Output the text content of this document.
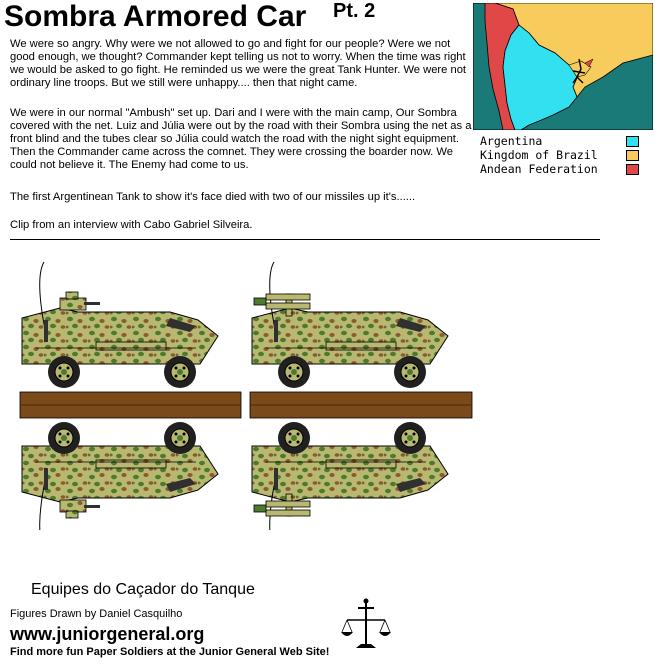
Sombra Armored Car Pt. 2
We were so angry. Why were we not allowed to go and fight for our people? Were we not good enough, we thought? Commander kept telling us not to worry. When the time was right we would be asked to go fight. He reminded us we were the great Tank Hunter. We were not ordinary line troops. But we still were unhappy.... then that night came.
We were in our normal "Ambush" set up. Dari and I were with the main camp, Our Sombra covered with the net. Luiz and Júlia were out by the road with their Sombra using the net as a front blind and the tubes clear so Júlia could watch the road with the night sight equipment. Then the Commander came across the comnet. They were crossing the boarder now. We could not believe it. The Enemy had come to us.
The first Argentinean Tank to show it's face died with two of our missiles up it's......
Clip from an interview with Cabo Gabriel Silveira.
Argentina
Kingdom of Brazil
Andean Federation
Equipes do Caçador do Tanque
Figures Drawn by Daniel Casquilho
www.juniorgeneral.org
Find more fun Paper Soldiers at the Junior General Web Site!
